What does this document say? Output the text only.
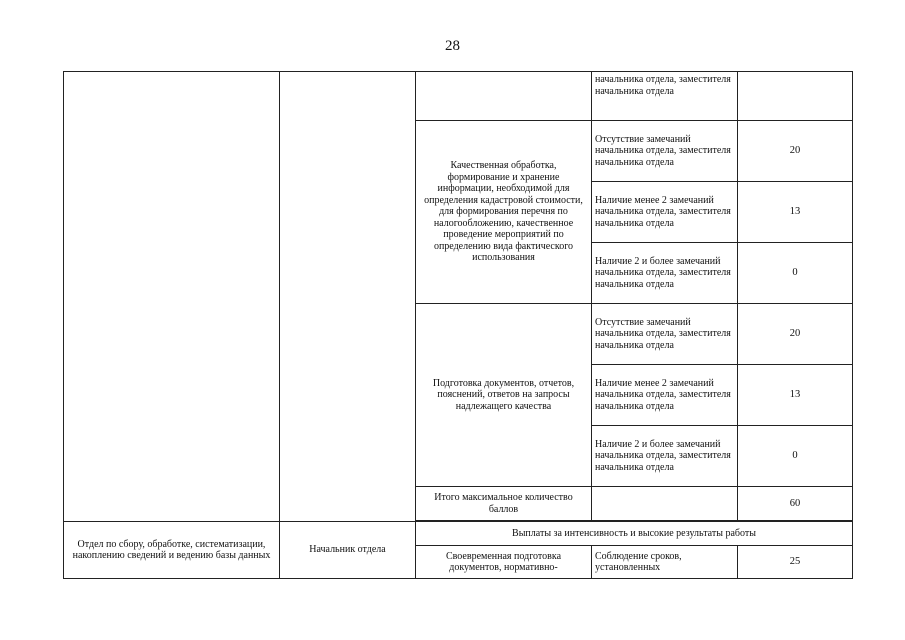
28
			начальника отдела, заместителя начальника отдела	
		Качественная обработка, формирование и хранение информации, необходимой для определения кадастровой стоимости, для формирования перечня по налогообложению, качественное проведение мероприятий по определению вида фактического использования	Отсутствие замечаний начальника отдела, заместителя начальника отдела	20
			Наличие менее 2 замечаний начальника отдела, заместителя начальника отдела	13
			Наличие 2 и более замечаний начальника отдела, заместителя начальника отдела	0
		Подготовка документов, отчетов, пояснений, ответов на запросы надлежащего качества	Отсутствие замечаний начальника отдела, заместителя начальника отдела	20
			Наличие менее 2 замечаний начальника отдела, заместителя начальника отдела	13
			Наличие 2 и более замечаний начальника отдела, заместителя начальника отдела	0
		Итого максимальное количество баллов		60

Отдел по сбору, обработке, систематизации, накоплению сведений и ведению базы данных	Начальник отдела	Выплаты за интенсивность и высокие результаты работы		
		Своевременная подготовка документов, нормативно-	Соблюдение сроков, установленных	25
